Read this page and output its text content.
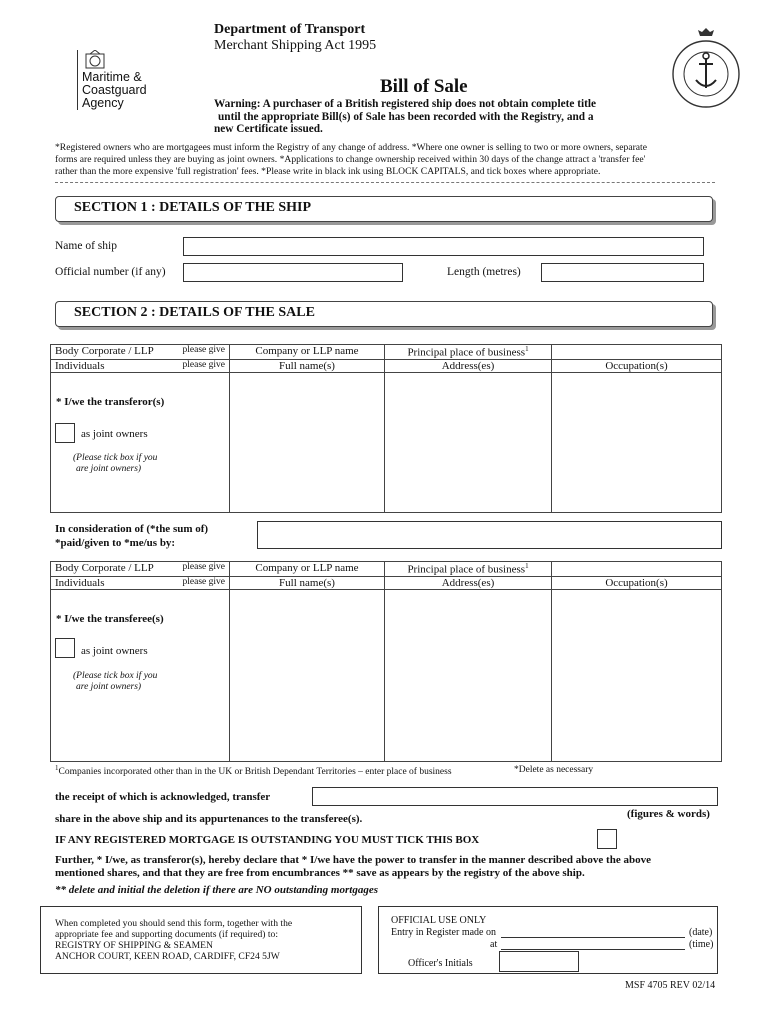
Maritime &
Coastguard
Agency
Department of Transport
Merchant Shipping Act 1995
Bill of Sale
Warning: A purchaser of a British registered ship does not obtain complete title
until the appropriate Bill(s) of Sale has been recorded with the Registry, and a
new Certificate issued.
*Registered owners who are mortgagees must inform the Registry of any change of address. *Where one owner is selling to two or more owners, separate
forms are required unless they are buying as joint owners. *Applications to change ownership received within 30 days of the change attract a 'transfer fee'
rather than the more expensive 'full registration' fees. *Please write in black ink using BLOCK CAPITALS, and tick boxes where appropriate.
SECTION 1 : DETAILS OF THE SHIP
Name of ship
Official number (if any)	Length (metres)
SECTION 2 : DETAILS OF THE SALE
Body Corporate / LLP please give	Company or LLP name	Principal place of business$^1$	
Individuals please give	Full name(s)	Address(es)	Occupation(s)

* I/we the transferor(s)
as joint owners
(Please tick box if you
are joint owners)
In consideration of (*the sum of)
*paid/given to *me/us by:
Body Corporate / LLP please give	Company or LLP name	Principal place of business$^1$	
Individuals please give	Full name(s)	Address(es)	Occupation(s)

* I/we the transferee(s)
as joint owners
(Please tick box if you
are joint owners)
$^1$Companies incorporated other than in the UK or British Dependant Territories – enter place of business	*Delete as necessary
the receipt of which is acknowledged, transfer
(figures & words)
share in the above ship and its appurtenances to the transferee(s).
IF ANY REGISTERED MORTGAGE IS OUTSTANDING YOU MUST TICK THIS BOX
Further, * I/we, as transferor(s), hereby declare that * I/we have the power to transfer in the manner described above the above
mentioned shares, and that they are free from encumbrances ** save as appears by the registry of the above ship.
** delete and initial the deletion if there are NO outstanding mortgages
When completed you should send this form, together with the
appropriate fee and supporting documents (if required) to:
REGISTRY OF SHIPPING & SEAMEN
ANCHOR COURT, KEEN ROAD, CARDIFF, CF24 5JW
OFFICIAL USE ONLY
Entry in Register made on	(date)
at	(time)
Officer's Initials
MSF 4705 REV 02/14
